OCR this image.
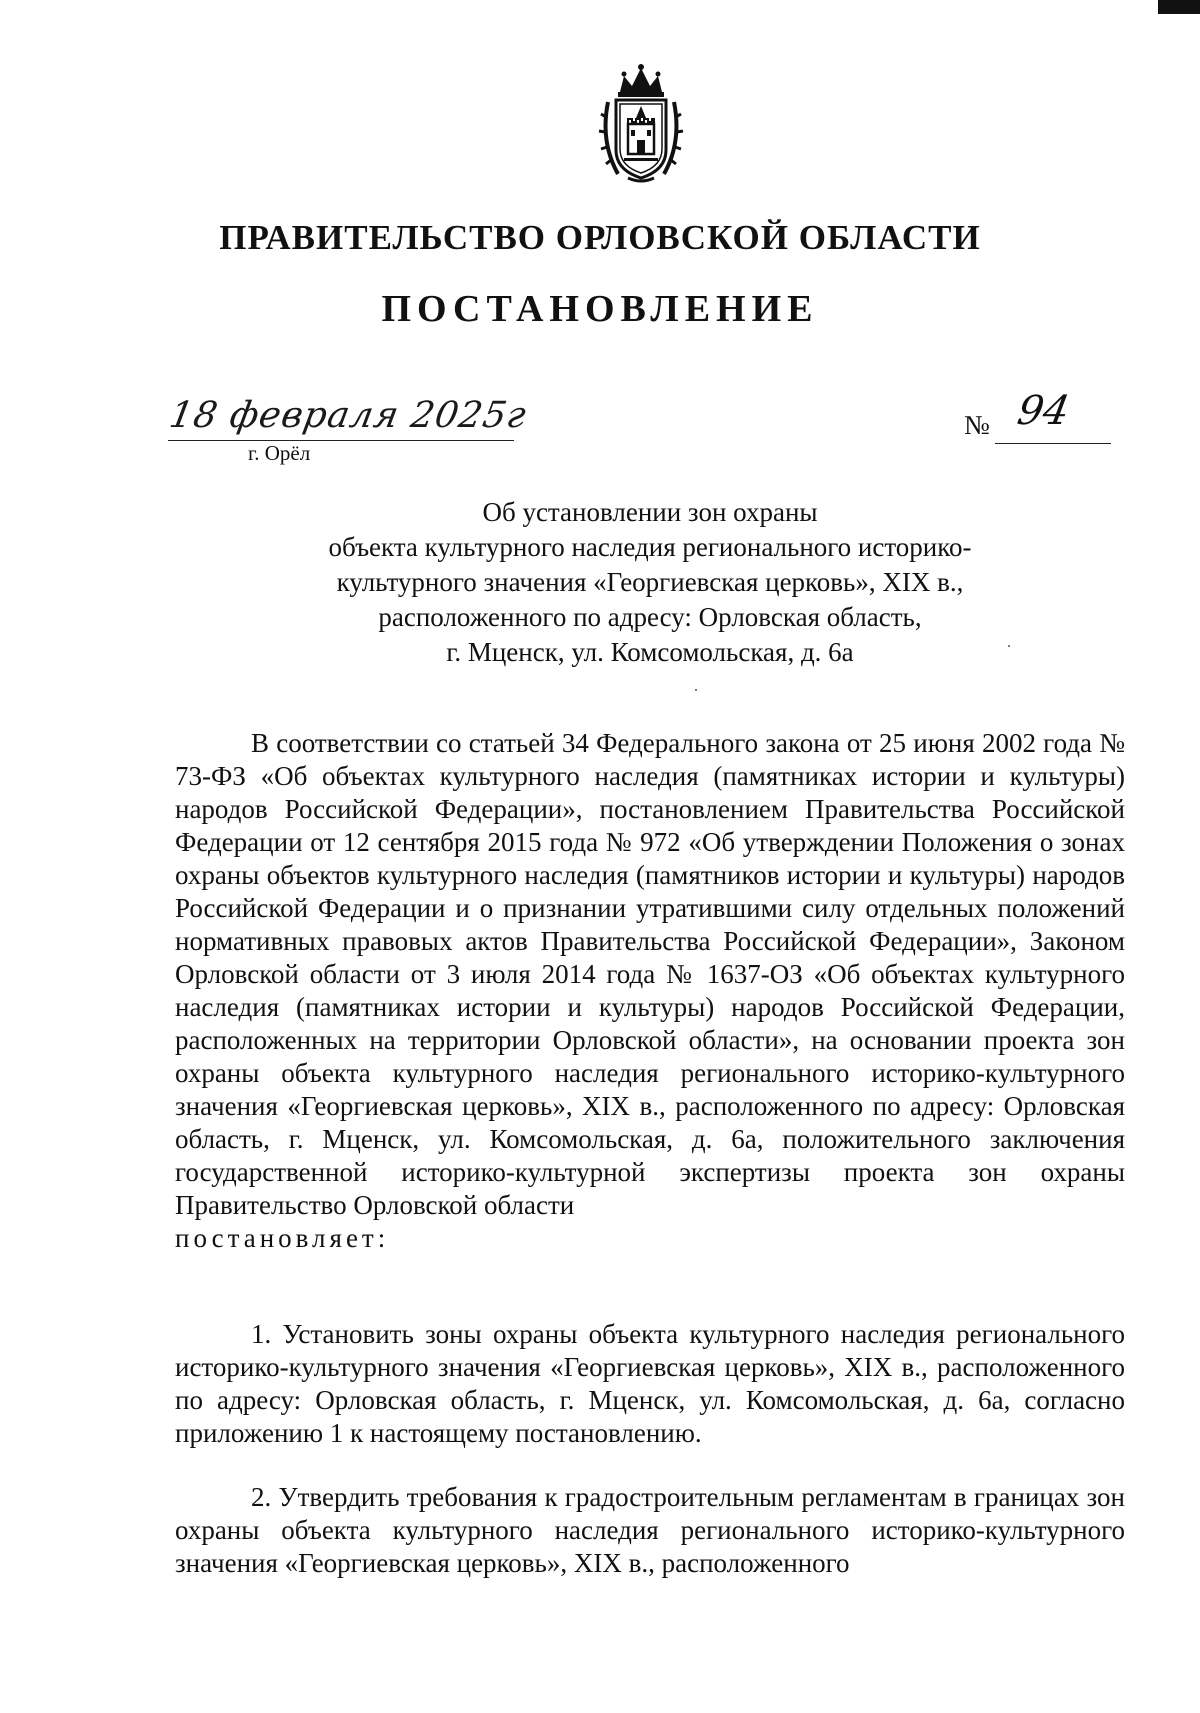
ПРАВИТЕЛЬСТВО ОРЛОВСКОЙ ОБЛАСТИ
ПОСТАНОВЛЕНИЕ
18 февраля 2025г
г. Орёл
№ 94
Об установлении зон охраны
объекта культурного наследия регионального историко-
культурного значения «Георгиевская церковь», XIX в.,
расположенного по адресу: Орловская область,
г. Мценск, ул. Комсомольская, д. 6а

В соответствии со статьей 34 Федерального закона от 25 июня 2002 года № 73-ФЗ «Об объектах культурного наследия (памятниках истории и культуры) народов Российской Федерации», постановлением Правительства Российской Федерации от 12 сентября 2015 года № 972 «Об утверждении Положения о зонах охраны объектов культурного наследия (памятников истории и культуры) народов Российской Федерации и о признании утратившими силу отдельных положений нормативных правовых актов Правительства Российской Федерации», Законом Орловской области от 3 июля 2014 года № 1637-ОЗ «Об объектах культурного наследия (памятниках истории и культуры) народов Российской Федерации, расположенных на территории Орловской области», на основании проекта зон охраны объекта культурного наследия регионального историко-культурного значения «Георгиевская церковь», XIX в., расположенного по адресу: Орловская область, г. Мценск, ул. Комсомольская, д. 6а, положительного заключения государственной историко-культурной экспертизы проекта зон охраны Правительство Орловской области

постановляет:

1. Установить зоны охраны объекта культурного наследия регионального историко-культурного значения «Георгиевская церковь», XIX в., расположенного по адресу: Орловская область, г. Мценск, ул. Комсомольская, д. 6а, согласно приложению 1 к настоящему постановлению.

2. Утвердить требования к градостроительным регламентам в границах зон охраны объекта культурного наследия регионального историко-культурного значения «Георгиевская церковь», XIX в., расположенного
